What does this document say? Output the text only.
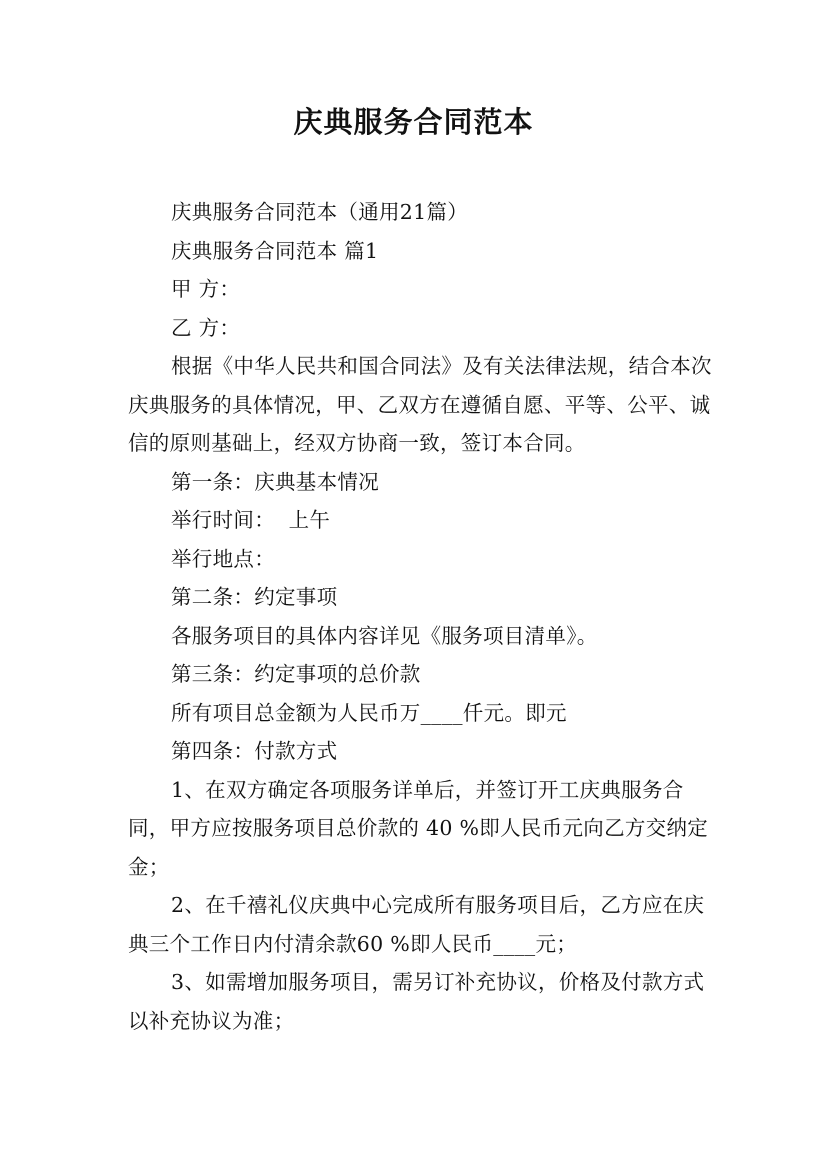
庆典服务合同范本

庆典服务合同范本（通用21篇）

庆典服务合同范本 篇1

甲 方：

乙 方：

根据《中华人民共和国合同法》及有关法律法规，结合本次庆典服务的具体情况，甲、乙双方在遵循自愿、平等、公平、诚信的原则基础上，经双方协商一致，签订本合同。

第一条：庆典基本情况

举行时间：  上午

举行地点：

第二条：约定事项

各服务项目的具体内容详见《服务项目清单》。

第三条：约定事项的总价款

所有项目总金额为人民币万____仟元。即元

第四条：付款方式

1、在双方确定各项服务详单后，并签订开工庆典服务合同，甲方应按服务项目总价款的 40 %即人民币元向乙方交纳定金；

2、在千禧礼仪庆典中心完成所有服务项目后，乙方应在庆典三个工作日内付清余款60 %即人民币____元；

3、如需增加服务项目，需另订补充协议，价格及付款方式以补充协议为准；
